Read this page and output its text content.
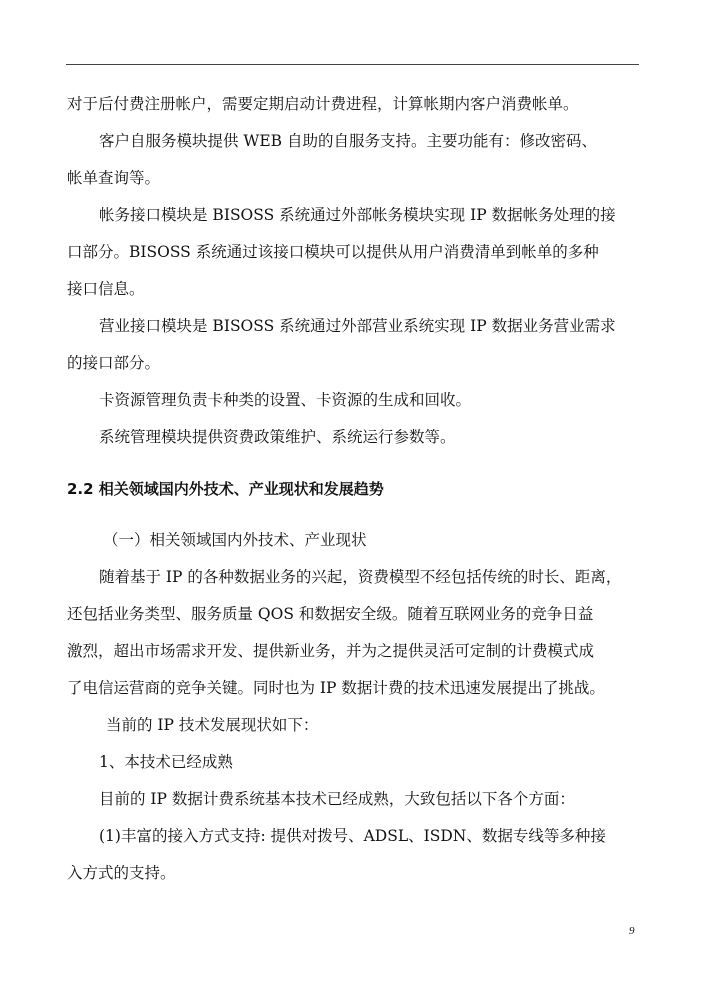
对于后付费注册帐户，需要定期启动计费进程，计算帐期内客户消费帐单。
客户自服务模块提供 WEB 自助的自服务支持。主要功能有：修改密码、
帐单查询等。
帐务接口模块是 BISOSS 系统通过外部帐务模块实现 IP 数据帐务处理的接
口部分。BISOSS 系统通过该接口模块可以提供从用户消费清单到帐单的多种
接口信息。
营业接口模块是 BISOSS 系统通过外部营业系统实现 IP 数据业务营业需求
的接口部分。
卡资源管理负责卡种类的设置、卡资源的生成和回收。
系统管理模块提供资费政策维护、系统运行参数等。
2.2 相关领域国内外技术、产业现状和发展趋势
（一）相关领域国内外技术、产业现状
随着基于 IP 的各种数据业务的兴起，资费模型不经包括传统的时长、距离，
还包括业务类型、服务质量 QOS 和数据安全级。随着互联网业务的竞争日益
激烈，超出市场需求开发、提供新业务，并为之提供灵活可定制的计费模式成
了电信运营商的竞争关键。同时也为 IP 数据计费的技术迅速发展提出了挑战。
当前的 IP 技术发展现状如下：
1、本技术已经成熟
目前的 IP 数据计费系统基本技术已经成熟，大致包括以下各个方面：
(1)丰富的接入方式支持: 提供对拨号、ADSL、ISDN、数据专线等多种接
入方式的支持。
9
